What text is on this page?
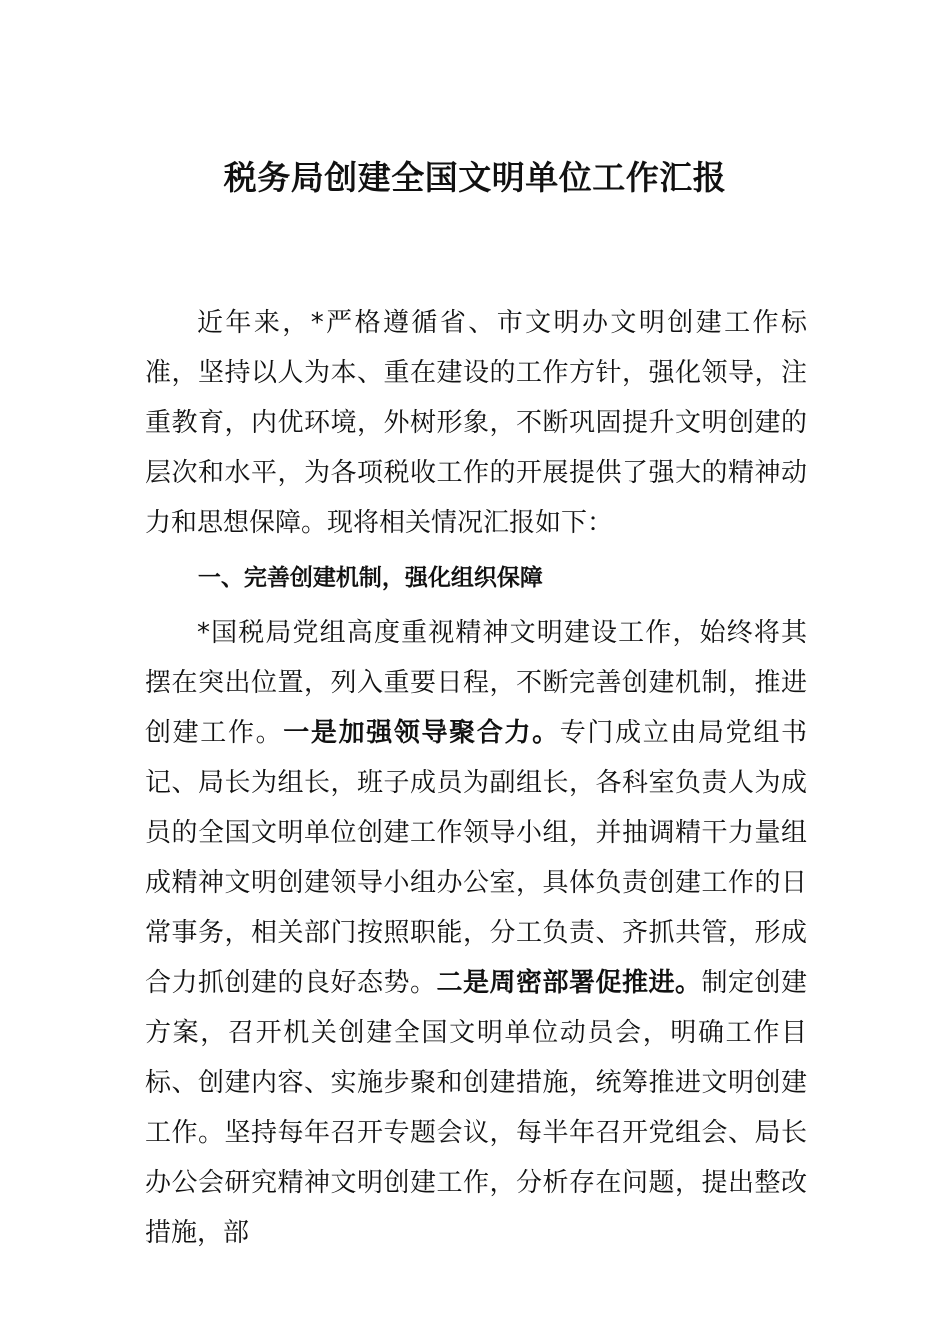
税务局创建全国文明单位工作汇报

近年来，*严格遵循省、市文明办文明创建工作标准，坚持以人为本、重在建设的工作方针，强化领导，注重教育，内优环境，外树形象，不断巩固提升文明创建的层次和水平，为各项税收工作的开展提供了强大的精神动力和思想保障。现将相关情况汇报如下：

一、完善创建机制，强化组织保障

*国税局党组高度重视精神文明建设工作，始终将其摆在突出位置，列入重要日程，不断完善创建机制，推进创建工作。一是加强领导聚合力。专门成立由局党组书记、局长为组长，班子成员为副组长，各科室负责人为成员的全国文明单位创建工作领导小组，并抽调精干力量组成精神文明创建领导小组办公室，具体负责创建工作的日常事务，相关部门按照职能，分工负责、齐抓共管，形成合力抓创建的良好态势。二是周密部署促推进。制定创建方案，召开机关创建全国文明单位动员会，明确工作目标、创建内容、实施步聚和创建措施，统筹推进文明创建工作。坚持每年召开专题会议，每半年召开党组会、局长办公会研究精神文明创建工作，分析存在问题，提出整改措施，部
